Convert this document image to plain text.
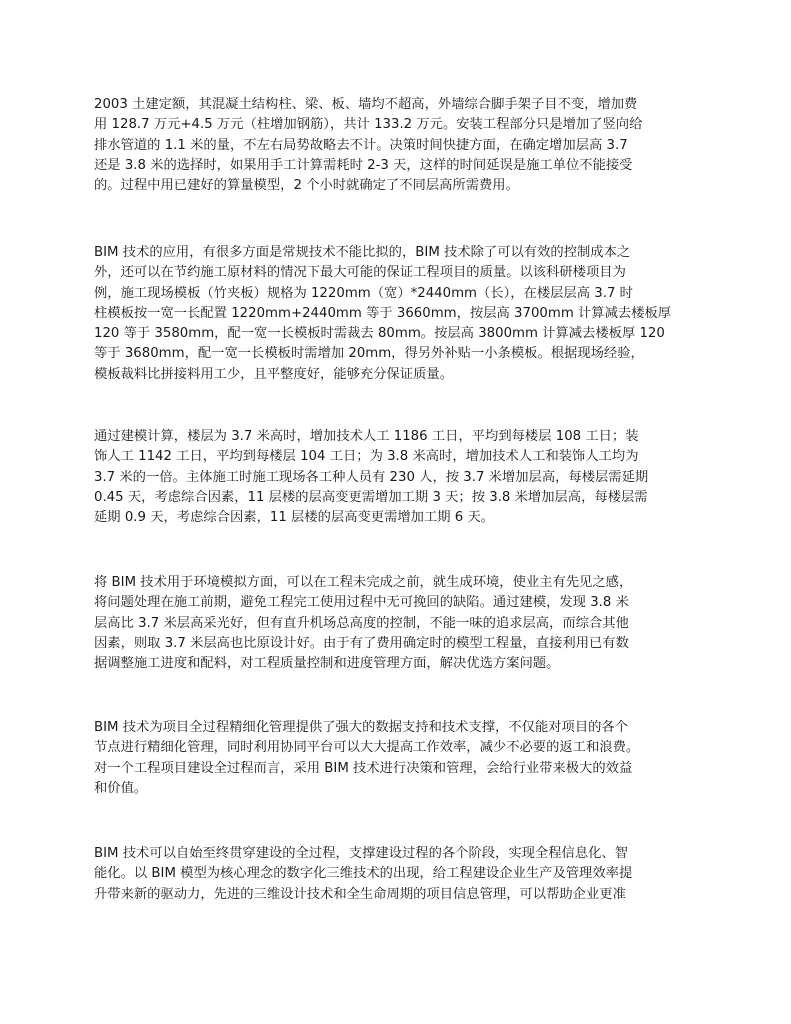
2003 土建定额，其混凝土结构柱、梁、板、墙均不超高，外墙综合脚手架子目不变，增加费
用 128.7 万元+4.5 万元（柱增加钢筋），共计 133.2 万元。安装工程部分只是增加了竖向给
排水管道的 1.1 米的量，不左右局势故略去不计。决策时间快捷方面，在确定增加层高 3.7
还是 3.8 米的选择时，如果用手工计算需耗时 2-3 天，这样的时间延误是施工单位不能接受
的。过程中用已建好的算量模型，2 个小时就确定了不同层高所需费用。
BIM 技术的应用，有很多方面是常规技术不能比拟的，BIM 技术除了可以有效的控制成本之
外，还可以在节约施工原材料的情况下最大可能的保证工程项目的质量。以该科研楼项目为
例，施工现场模板（竹夹板）规格为 1220mm（宽）*2440mm（长），在楼层层高 3.7 时
柱模板按一宽一长配置 1220mm+2440mm 等于 3660mm，按层高 3700mm 计算减去楼板厚
120 等于 3580mm，配一宽一长模板时需裁去 80mm。按层高 3800mm 计算减去楼板厚 120
等于 3680mm，配一宽一长模板时需增加 20mm，得另外补贴一小条模板。根据现场经验，
模板裁料比拼接料用工少，且平整度好，能够充分保证质量。
通过建模计算，楼层为 3.7 米高时，增加技术人工 1186 工日，平均到每楼层 108 工日；装
饰人工 1142 工日，平均到每楼层 104 工日；为 3.8 米高时，增加技术人工和装饰人工均为
3.7 米的一倍。主体施工时施工现场各工种人员有 230 人，按 3.7 米增加层高，每楼层需延期
0.45 天，考虑综合因素，11 层楼的层高变更需增加工期 3 天；按 3.8 米增加层高，每楼层需
延期 0.9 天，考虑综合因素，11 层楼的层高变更需增加工期 6 天。
将 BIM 技术用于环境模拟方面，可以在工程未完成之前，就生成环境，使业主有先见之感，
将问题处理在施工前期，避免工程完工使用过程中无可挽回的缺陷。通过建模，发现 3.8 米
层高比 3.7 米层高采光好，但有直升机场总高度的控制，不能一味的追求层高，而综合其他
因素，则取 3.7 米层高也比原设计好。由于有了费用确定时的模型工程量，直接利用已有数
据调整施工进度和配料，对工程质量控制和进度管理方面，解决优选方案问题。
BIM 技术为项目全过程精细化管理提供了强大的数据支持和技术支撑，不仅能对项目的各个
节点进行精细化管理，同时利用协同平台可以大大提高工作效率，减少不必要的返工和浪费。
对一个工程项目建设全过程而言，采用 BIM 技术进行决策和管理，会给行业带来极大的效益
和价值。
BIM 技术可以自始至终贯穿建设的全过程，支撑建设过程的各个阶段，实现全程信息化、智
能化。以 BIM 模型为核心理念的数字化三维技术的出现，给工程建设企业生产及管理效率提
升带来新的驱动力，先进的三维设计技术和全生命周期的项目信息管理，可以帮助企业更准
